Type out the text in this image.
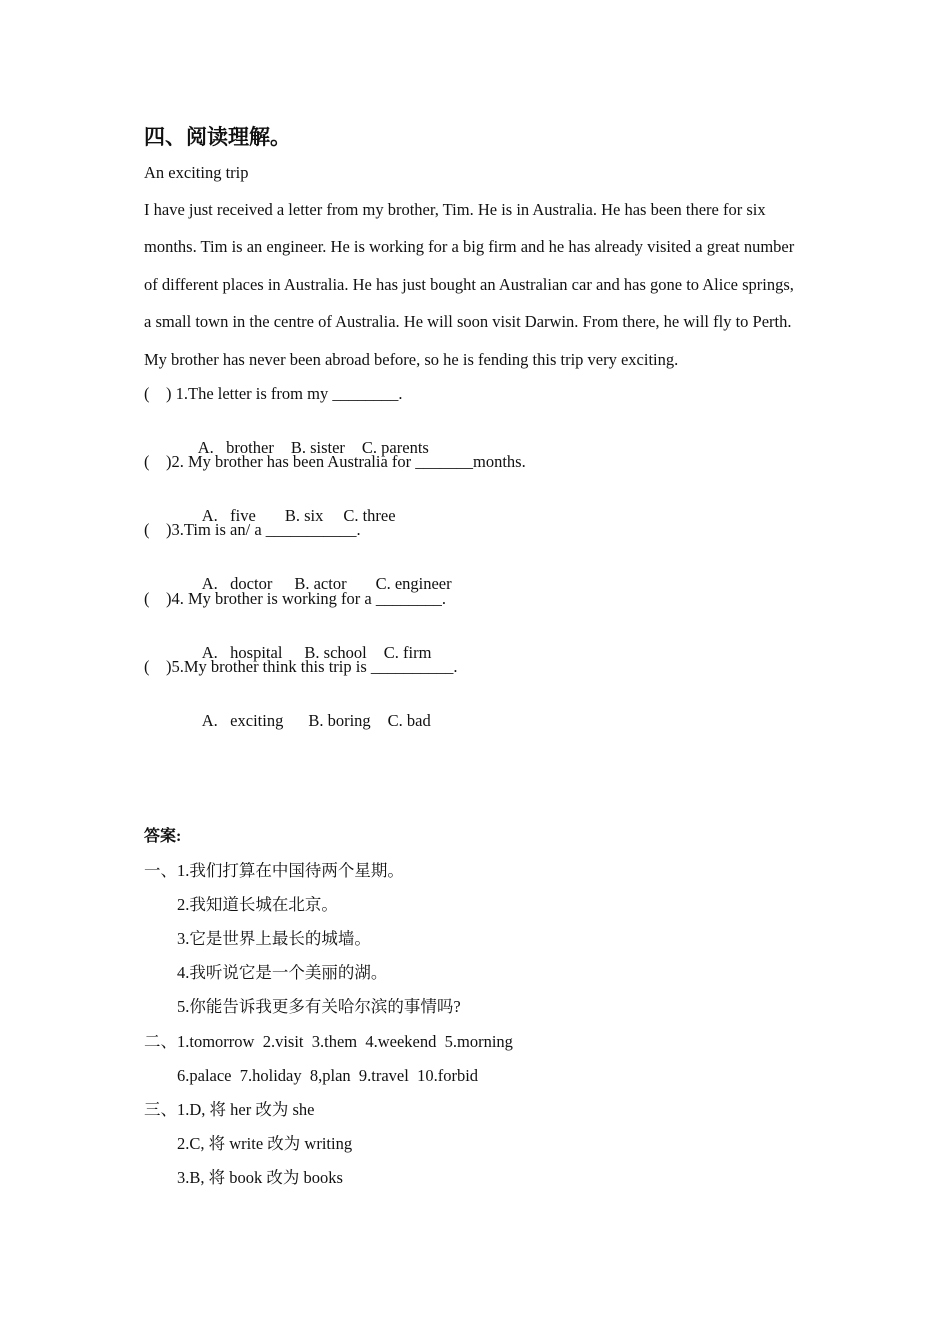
四、阅读理解。
An exciting trip
I have just received a letter from my brother, Tim. He is in Australia. He has been there for six
months. Tim is an engineer. He is working for a big firm and he has already visited a great number
of different places in Australia. He has just bought an Australian car and has gone to Alice springs,
a small town in the centre of Australia. He will soon visit Darwin. From there, he will fly to Perth.
My brother has never been abroad before, so he is fending this trip very exciting.
(    ) 1.The letter is from my ________.

A.   brother B. sister C. parents

(    )2. My brother has been Australia for _______months.

A.   five B. six C. three

(    )3.Tim is an/ a ___________.

A.   doctor B. actor C. engineer

(    )4. My brother is working for a ________.

A.   hospital B. school C. firm

(    )5.My brother think this trip is __________.

A.   exciting B. boring C. bad

答案:
一、1.我们打算在中国待两个星期。
2.我知道长城在北京。
3.它是世界上最长的城墙。
4.我听说它是一个美丽的湖。
5.你能告诉我更多有关哈尔滨的事情吗?
二、1.tomorrow  2.visit  3.them  4.weekend  5.morning
6.palace  7.holiday  8,plan  9.travel  10.forbid
三、1.D, 将 her 改为 she
2.C, 将 write 改为 writing
3.B, 将 book 改为 books
